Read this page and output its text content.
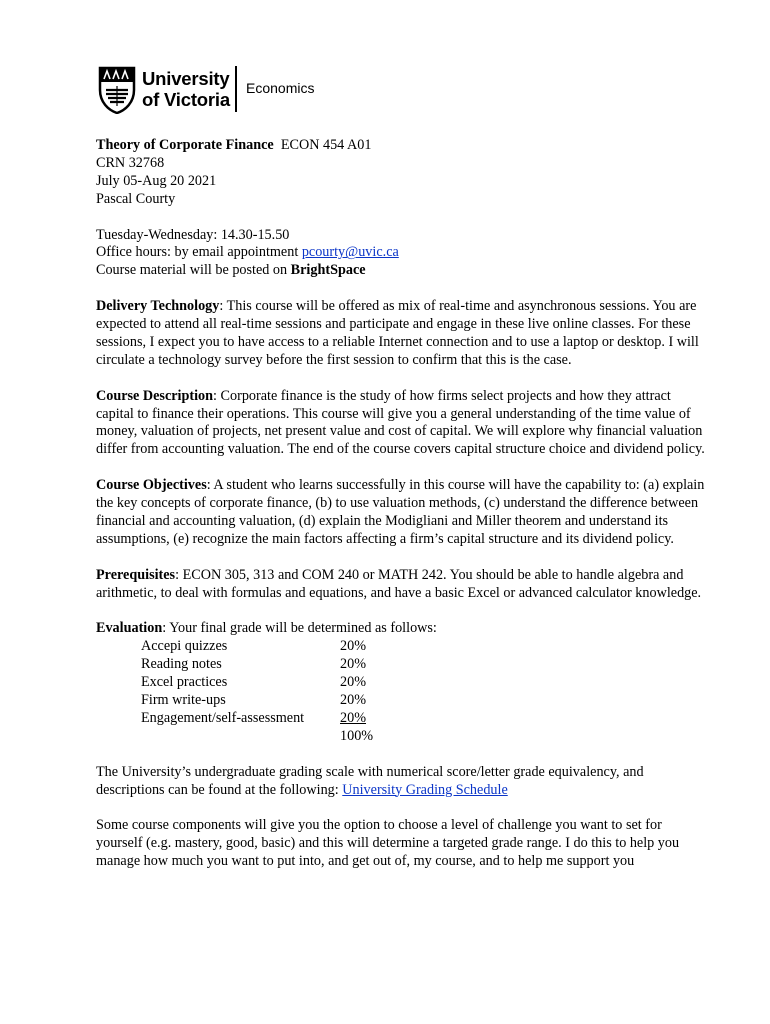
University
of Victoria
Economics

Theory of Corporate Finance ECON 454 A01

CRN 32768

July 05-Aug 20 2021

Pascal Courty

Tuesday-Wednesday: 14.30-15.50

Office hours: by email appointment pcourty@uvic.ca

Course material will be posted on BrightSpace

Delivery Technology: This course will be offered as mix of real-time and asynchronous sessions. You are expected to attend all real-time sessions and participate and engage in these live online classes. For these sessions, I expect you to have access to a reliable Internet connection and to use a laptop or desktop. I will circulate a technology survey before the first session to confirm that this is the case.

Course Description: Corporate finance is the study of how firms select projects and how they attract capital to finance their operations. This course will give you a general understanding of the time value of money, valuation of projects, net present value and cost of capital. We will explore why financial valuation differ from accounting valuation. The end of the course covers capital structure choice and dividend policy.

Course Objectives: A student who learns successfully in this course will have the capability to: (a) explain the key concepts of corporate finance, (b) to use valuation methods, (c) understand the difference between financial and accounting valuation, (d) explain the Modigliani and Miller theorem and understand its assumptions, (e) recognize the main factors affecting a firm’s capital structure and its dividend policy.

Prerequisites: ECON 305, 313 and COM 240 or MATH 242. You should be able to handle algebra and arithmetic, to deal with formulas and equations, and have a basic Excel or advanced calculator knowledge.

Evaluation: Your final grade will be determined as follows:

Accepi quizzes	20%
Reading notes	20%
Excel practices	20%
Firm write-ups	20%
Engagement/self-assessment	20%
	100%

The University’s undergraduate grading scale with numerical score/letter grade equivalency, and descriptions can be found at the following: University Grading Schedule

Some course components will give you the option to choose a level of challenge you want to set for yourself (e.g. mastery, good, basic) and this will determine a targeted grade range. I do this to help you manage how much you want to put into, and get out of, my course, and to help me support you
